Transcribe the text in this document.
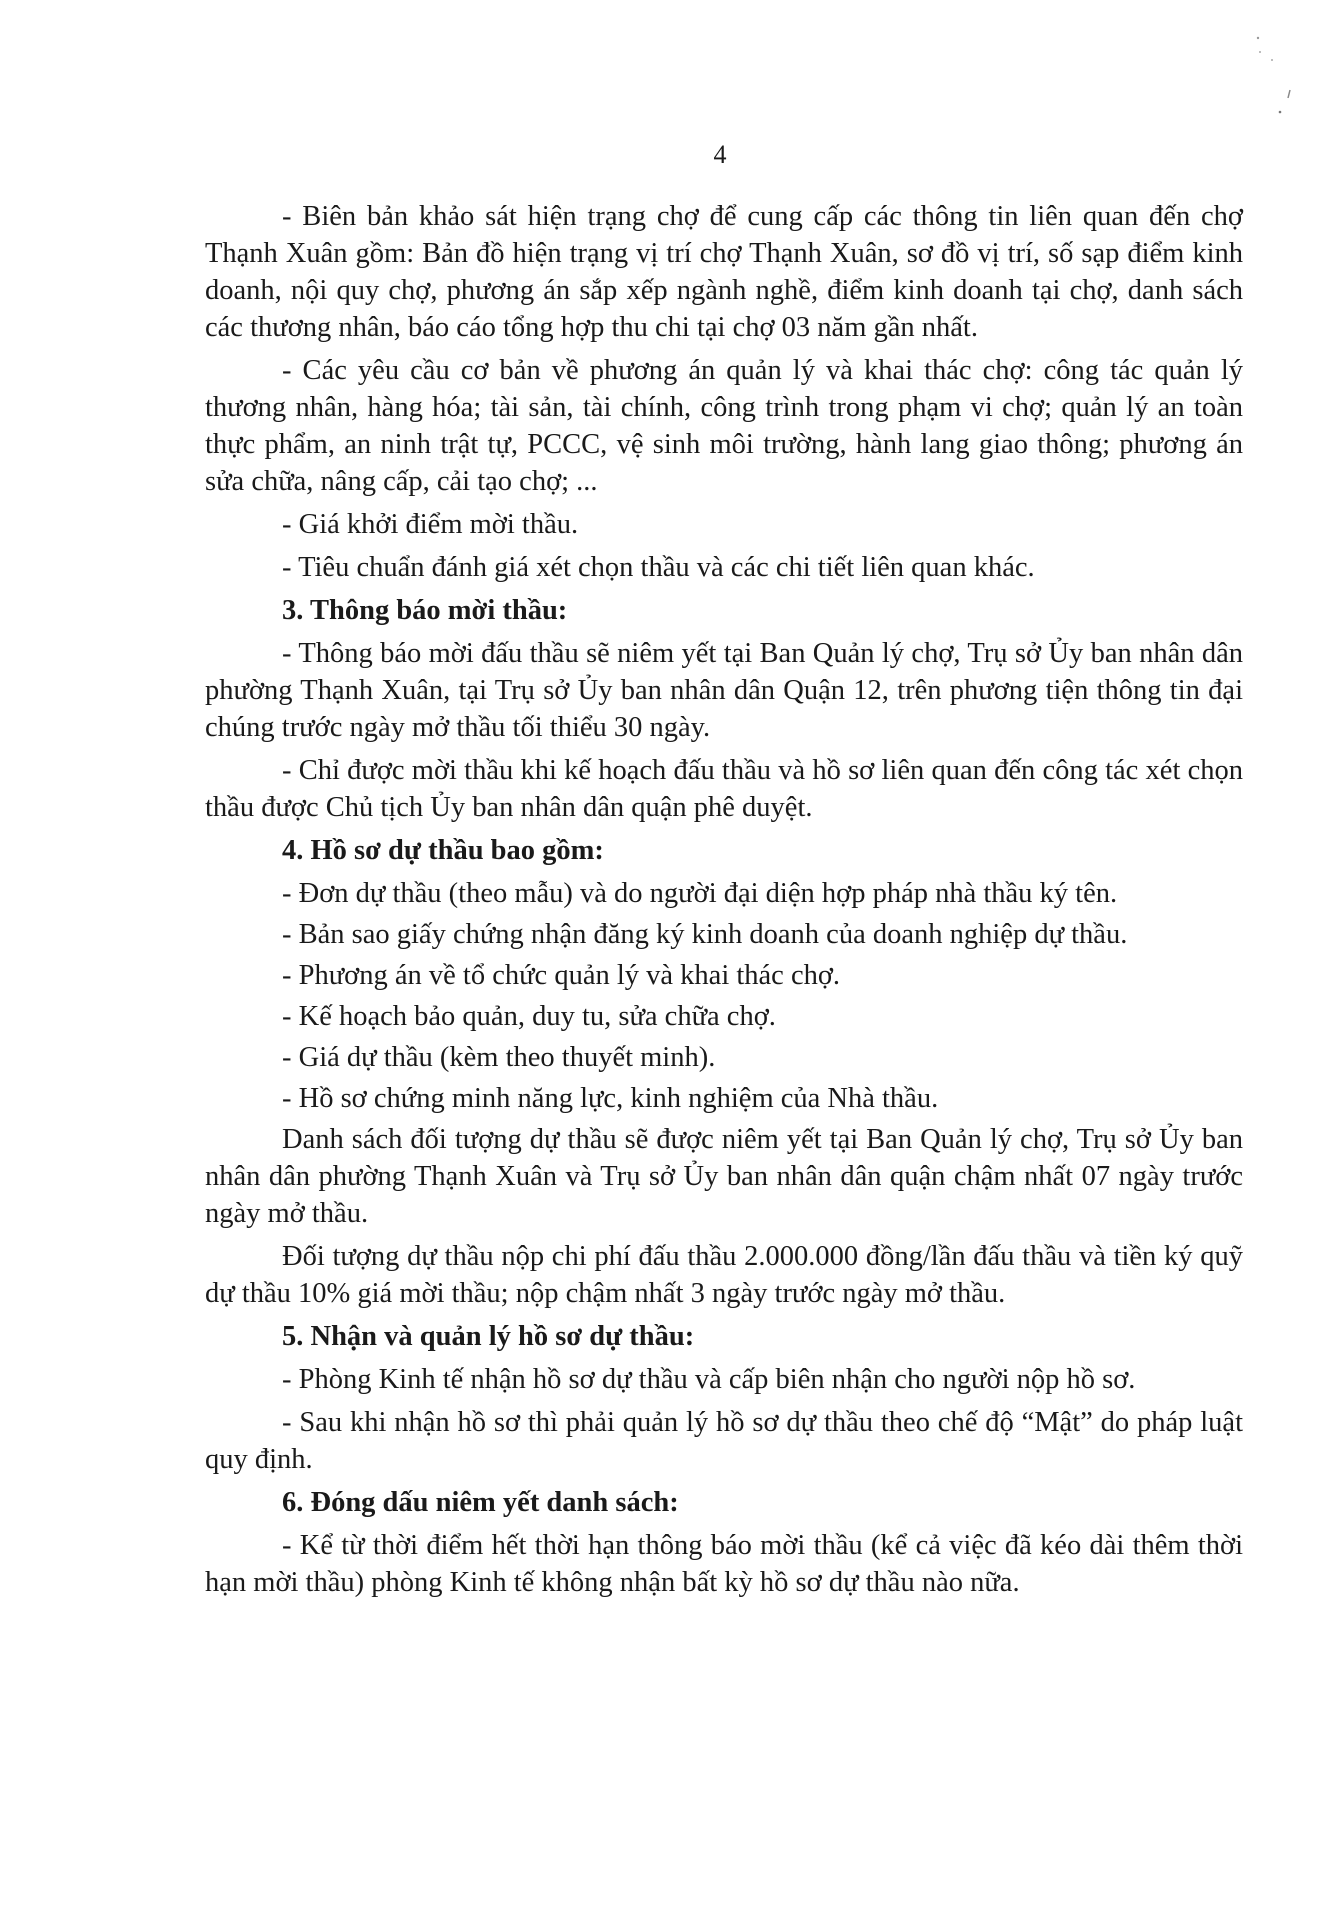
4

- Biên bản khảo sát hiện trạng chợ để cung cấp các thông tin liên quan đến chợ Thạnh Xuân gồm: Bản đồ hiện trạng vị trí chợ Thạnh Xuân, sơ đồ vị trí, số sạp điểm kinh doanh, nội quy chợ, phương án sắp xếp ngành nghề, điểm kinh doanh tại chợ, danh sách các thương nhân, báo cáo tổng hợp thu chi tại chợ 03 năm gần nhất.

- Các yêu cầu cơ bản về phương án quản lý và khai thác chợ: công tác quản lý thương nhân, hàng hóa; tài sản, tài chính, công trình trong phạm vi chợ; quản lý an toàn thực phẩm, an ninh trật tự, PCCC, vệ sinh môi trường, hành lang giao thông; phương án sửa chữa, nâng cấp, cải tạo chợ; ...

- Giá khởi điểm mời thầu.

- Tiêu chuẩn đánh giá xét chọn thầu và các chi tiết liên quan khác.

3. Thông báo mời thầu:

- Thông báo mời đấu thầu sẽ niêm yết tại Ban Quản lý chợ, Trụ sở Ủy ban nhân dân phường Thạnh Xuân, tại Trụ sở Ủy ban nhân dân Quận 12, trên phương tiện thông tin đại chúng trước ngày mở thầu tối thiểu 30 ngày.

- Chỉ được mời thầu khi kế hoạch đấu thầu và hồ sơ liên quan đến công tác xét chọn thầu được Chủ tịch Ủy ban nhân dân quận phê duyệt.

4. Hồ sơ dự thầu bao gồm:

- Đơn dự thầu (theo mẫu) và do người đại diện hợp pháp nhà thầu ký tên.

- Bản sao giấy chứng nhận đăng ký kinh doanh của doanh nghiệp dự thầu.

- Phương án về tổ chức quản lý và khai thác chợ.

- Kế hoạch bảo quản, duy tu, sửa chữa chợ.

- Giá dự thầu (kèm theo thuyết minh).

- Hồ sơ chứng minh năng lực, kinh nghiệm của Nhà thầu.

Danh sách đối tượng dự thầu sẽ được niêm yết tại Ban Quản lý chợ, Trụ sở Ủy ban nhân dân phường Thạnh Xuân và Trụ sở Ủy ban nhân dân quận chậm nhất 07 ngày trước ngày mở thầu.

Đối tượng dự thầu nộp chi phí đấu thầu 2.000.000 đồng/lần đấu thầu và tiền ký quỹ dự thầu 10% giá mời thầu; nộp chậm nhất 3 ngày trước ngày mở thầu.

5. Nhận và quản lý hồ sơ dự thầu:

- Phòng Kinh tế nhận hồ sơ dự thầu và cấp biên nhận cho người nộp hồ sơ.

- Sau khi nhận hồ sơ thì phải quản lý hồ sơ dự thầu theo chế độ “Mật” do pháp luật quy định.

6. Đóng dấu niêm yết danh sách:

- Kể từ thời điểm hết thời hạn thông báo mời thầu (kể cả việc đã kéo dài thêm thời hạn mời thầu) phòng Kinh tế không nhận bất kỳ hồ sơ dự thầu nào nữa.
